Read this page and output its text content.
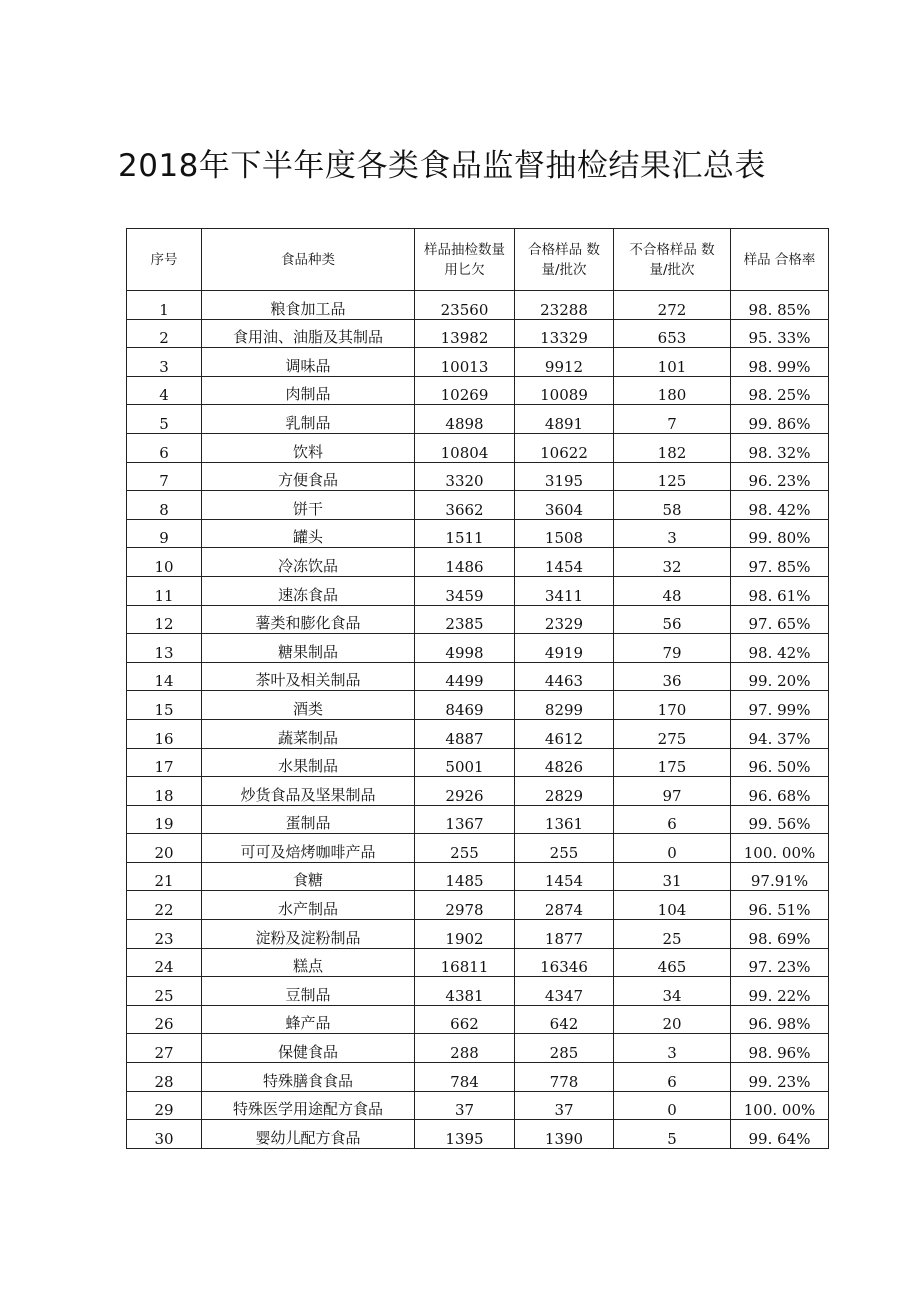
2018年下半年度各类食品监督抽检结果汇总表
序号	食品种类	样品抽检数量用匕欠	合格样品 数量/批次	不合格样品 数量/批次	样品 合格率
1	粮食加工品	23560	23288	272	98. 85%
2	食用油、油脂及其制品	13982	13329	653	95. 33%
3	调味品	10013	9912	101	98. 99%
4	肉制品	10269	10089	180	98. 25%
5	乳制品	4898	4891	7	99. 86%
6	饮料	10804	10622	182	98. 32%
7	方便食品	3320	3195	125	96. 23%
8	饼干	3662	3604	58	98. 42%
9	罐头	1511	1508	3	99. 80%
10	冷冻饮品	1486	1454	32	97. 85%
11	速冻食品	3459	3411	48	98. 61%
12	薯类和膨化食品	2385	2329	56	97. 65%
13	糖果制品	4998	4919	79	98. 42%
14	茶叶及相关制品	4499	4463	36	99. 20%
15	酒类	8469	8299	170	97. 99%
16	蔬菜制品	4887	4612	275	94. 37%
17	水果制品	5001	4826	175	96. 50%
18	炒货食品及坚果制品	2926	2829	97	96. 68%
19	蛋制品	1367	1361	6	99. 56%
20	可可及焙烤咖啡产品	255	255	0	100. 00%
21	食糖	1485	1454	31	97.91%
22	水产制品	2978	2874	104	96. 51%
23	淀粉及淀粉制品	1902	1877	25	98. 69%
24	糕点	16811	16346	465	97. 23%
25	豆制品	4381	4347	34	99. 22%
26	蜂产品	662	642	20	96. 98%
27	保健食品	288	285	3	98. 96%
28	特殊膳食食品	784	778	6	99. 23%
29	特殊医学用途配方食品	37	37	0	100. 00%
30	婴幼儿配方食品	1395	1390	5	99. 64%
